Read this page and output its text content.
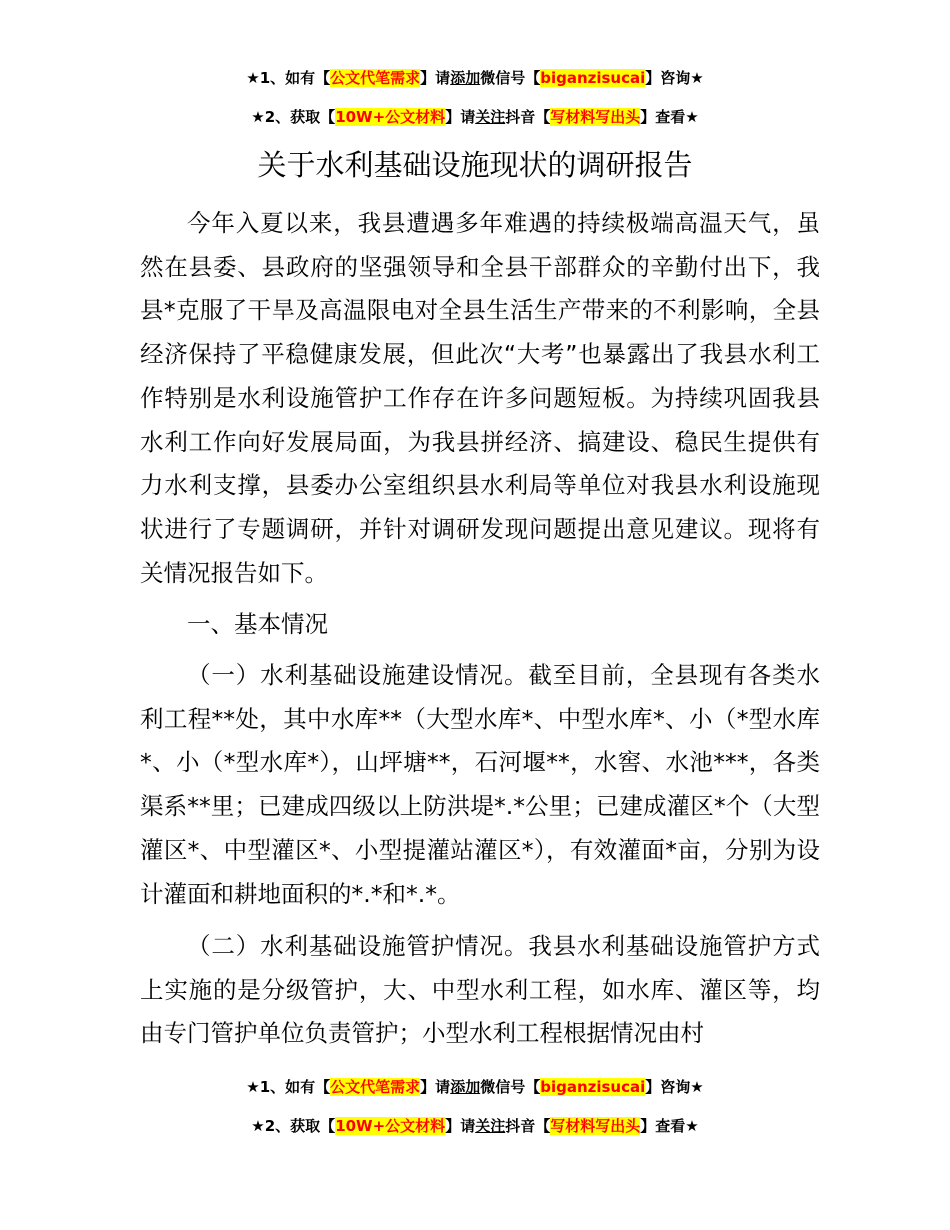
★1、如有【公文代笔需求】请添加微信号【biganzisucai】咨询★
★2、获取【10W+公文材料】请关注抖音【写材料写出头】查看★
关于水利基础设施现状的调研报告

今年入夏以来，我县遭遇多年难遇的持续极端高温天气，虽然在县委、县政府的坚强领导和全县干部群众的辛勤付出下，我县*克服了干旱及高温限电对全县生活生产带来的不利影响，全县经济保持了平稳健康发展，但此次“大考”也暴露出了我县水利工作特别是水利设施管护工作存在许多问题短板。为持续巩固我县水利工作向好发展局面，为我县拼经济、搞建设、稳民生提供有力水利支撑，县委办公室组织县水利局等单位对我县水利设施现状进行了专题调研，并针对调研发现问题提出意见建议。现将有关情况报告如下。

一、基本情况

（一）水利基础设施建设情况。截至目前，全县现有各类水利工程**处，其中水库**（大型水库*、中型水库*、小（*型水库*、小（*型水库*），山坪塘**，石河堰**，水窖、水池***，各类渠系**里；已建成四级以上防洪堤*.*公里；已建成灌区*个（大型灌区*、中型灌区*、小型提灌站灌区*），有效灌面*亩，分别为设计灌面和耕地面积的*.*和*.*。

（二）水利基础设施管护情况。我县水利基础设施管护方式上实施的是分级管护，大、中型水利工程，如水库、灌区等，均由专门管护单位负责管护；小型水利工程根据情况由村

★1、如有【公文代笔需求】请添加微信号【biganzisucai】咨询★
★2、获取【10W+公文材料】请关注抖音【写材料写出头】查看★
